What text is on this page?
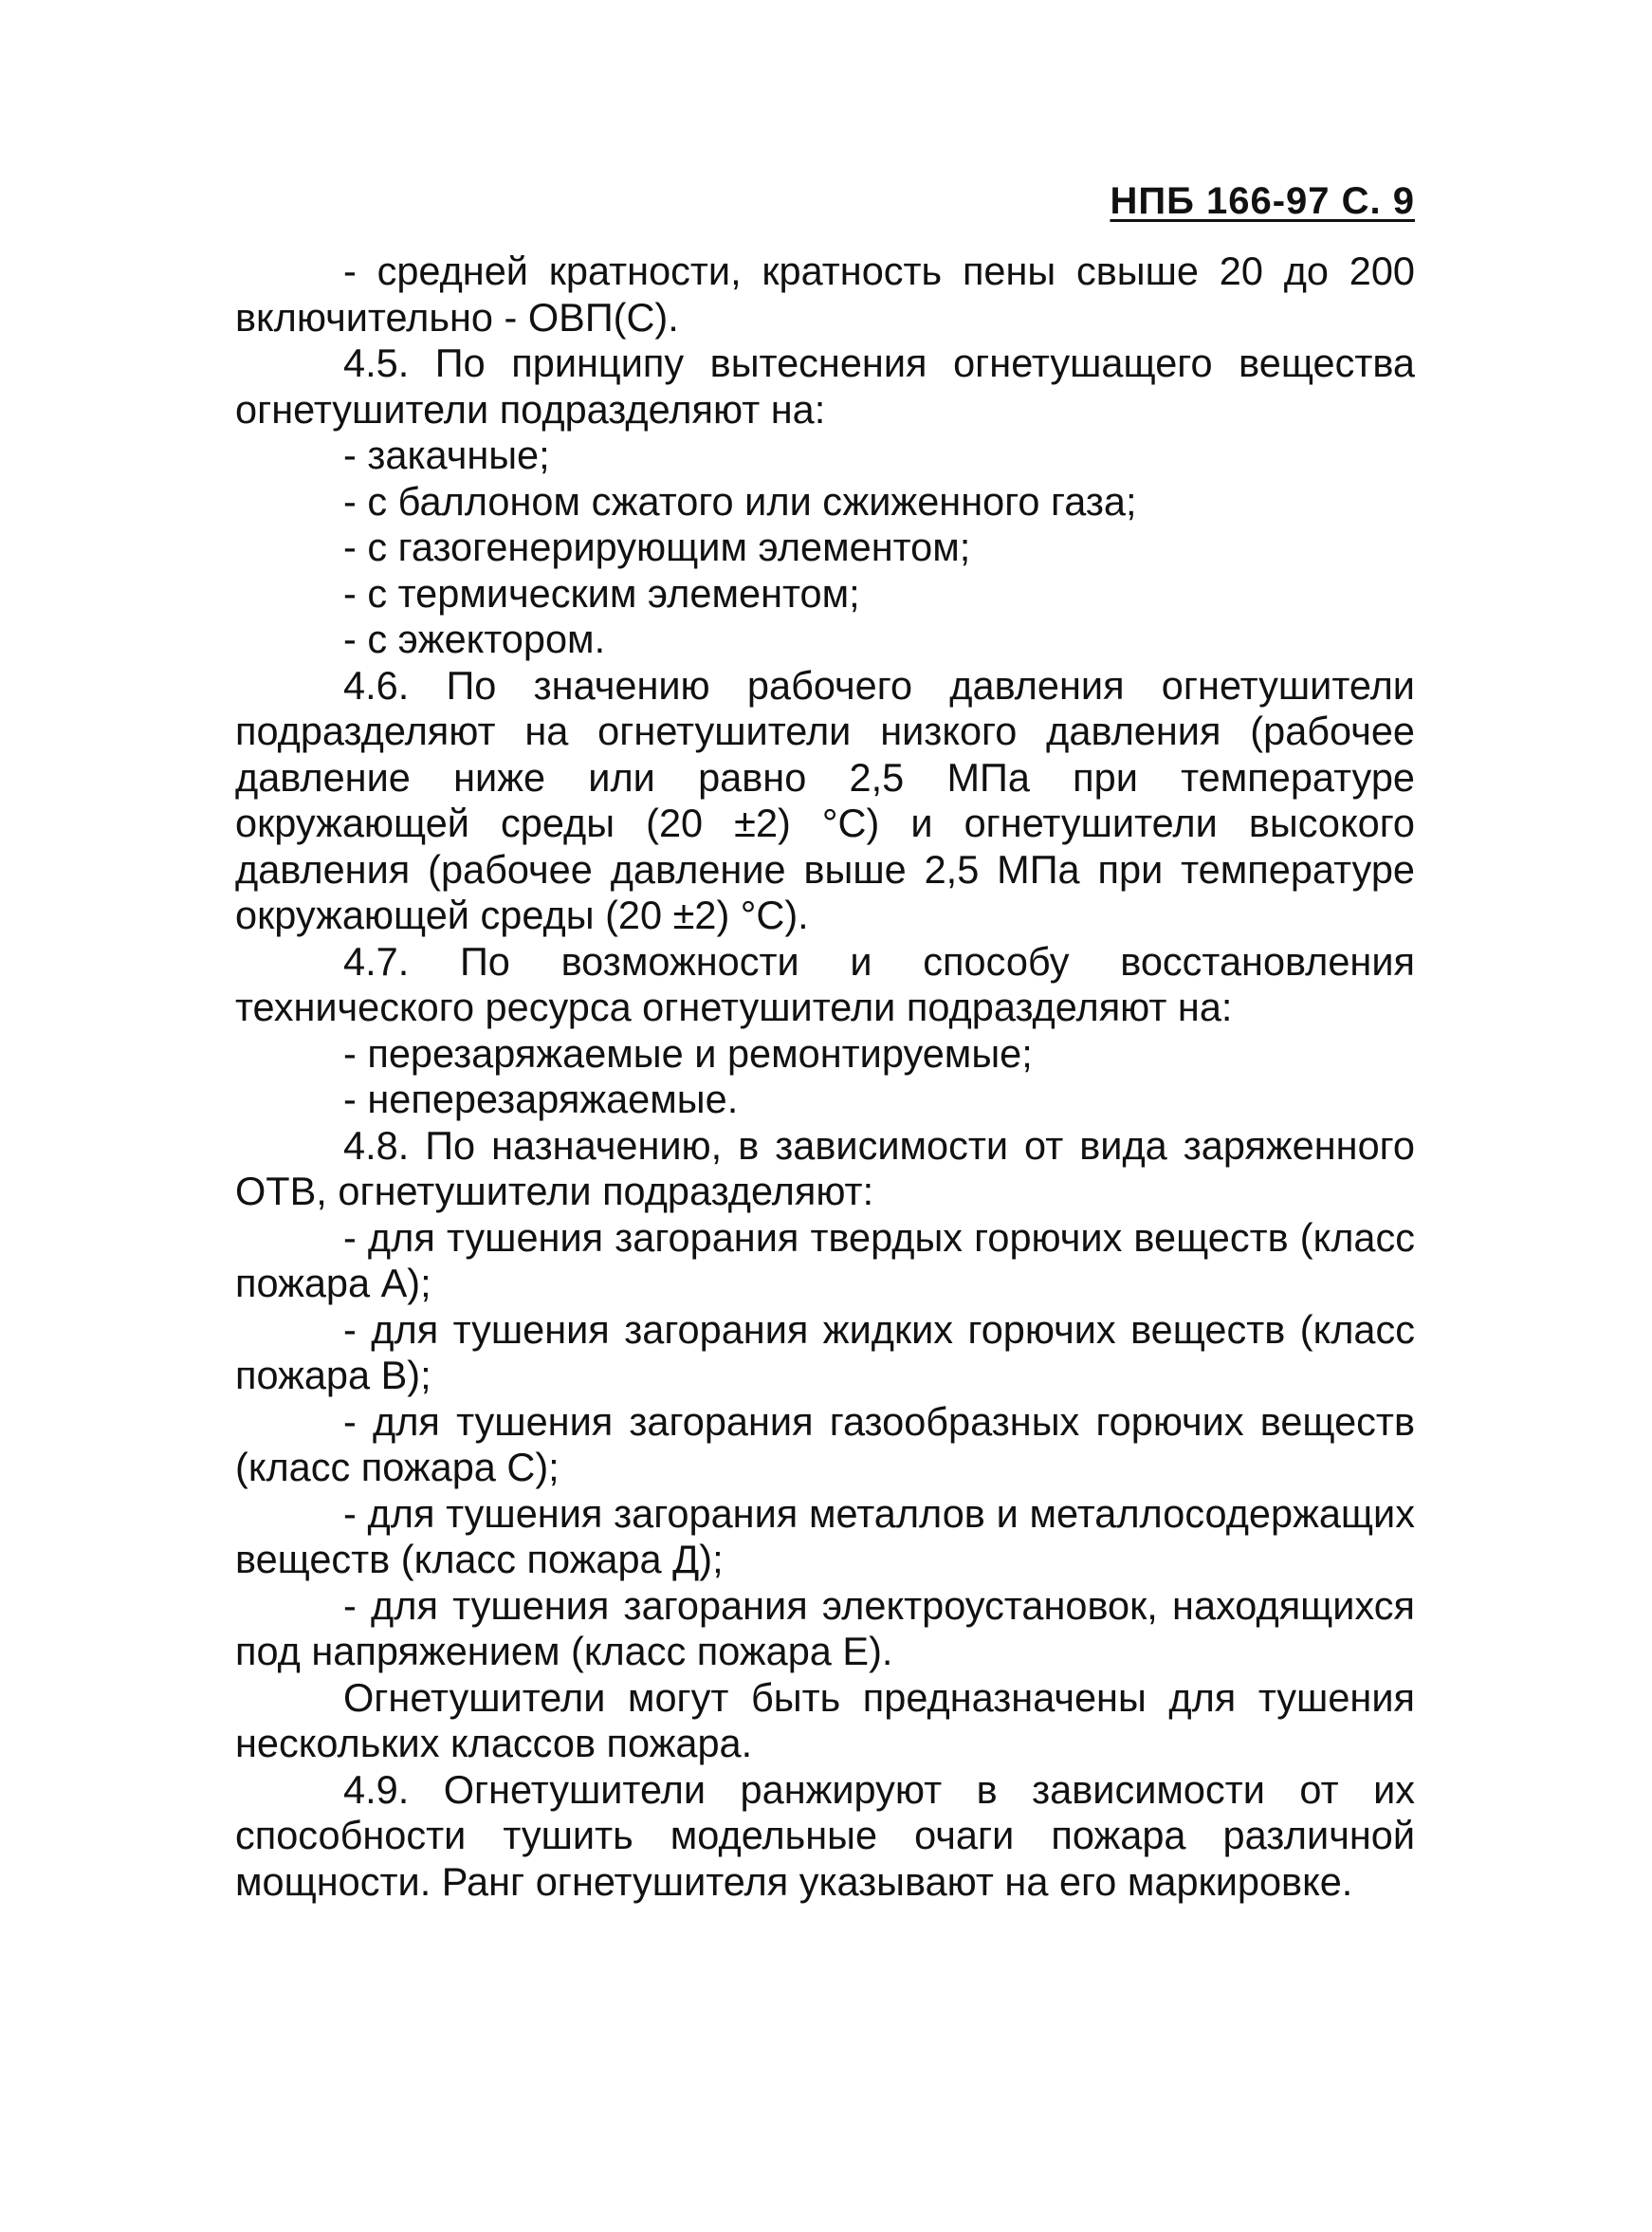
НПБ 166-97 С. 9

- средней кратности, кратность пены свыше 20 до 200 включительно - ОВП(С).

4.5. По принципу вытеснения огнетушащего вещества огнетушители подразделяют на:

- закачные;

- с баллоном сжатого или сжиженного газа;

- с газогенерирующим элементом;

- с термическим элементом;

- с эжектором.

4.6. По значению рабочего давления огнетушители подразделяют на огнетушители низкого давления (рабочее давление ниже или равно 2,5 МПа при температуре окружающей среды (20 ±2) °С) и огнетушители высокого давления (рабочее давление выше 2,5 МПа при температуре окружающей среды (20 ±2) °С).

4.7. По возможности и способу восстановления технического ресурса огнетушители подразделяют на:

- перезаряжаемые и ремонтируемые;

- неперезаряжаемые.

4.8. По назначению, в зависимости от вида заряженного ОТВ, огнетушители подразделяют:

- для тушения загорания твердых горючих веществ (класс пожара А);

- для тушения загорания жидких горючих веществ (класс пожара В);

- для тушения загорания газообразных горючих веществ (класс пожара С);

- для тушения загорания металлов и металлосодержащих веществ (класс пожара Д);

- для тушения загорания электроустановок, находящихся под напряжением (класс пожара Е).

Огнетушители могут быть предназначены для тушения нескольких классов пожара.

4.9. Огнетушители ранжируют в зависимости от их способности тушить модельные очаги пожара различной мощности. Ранг огнетушителя указывают на его маркировке.
